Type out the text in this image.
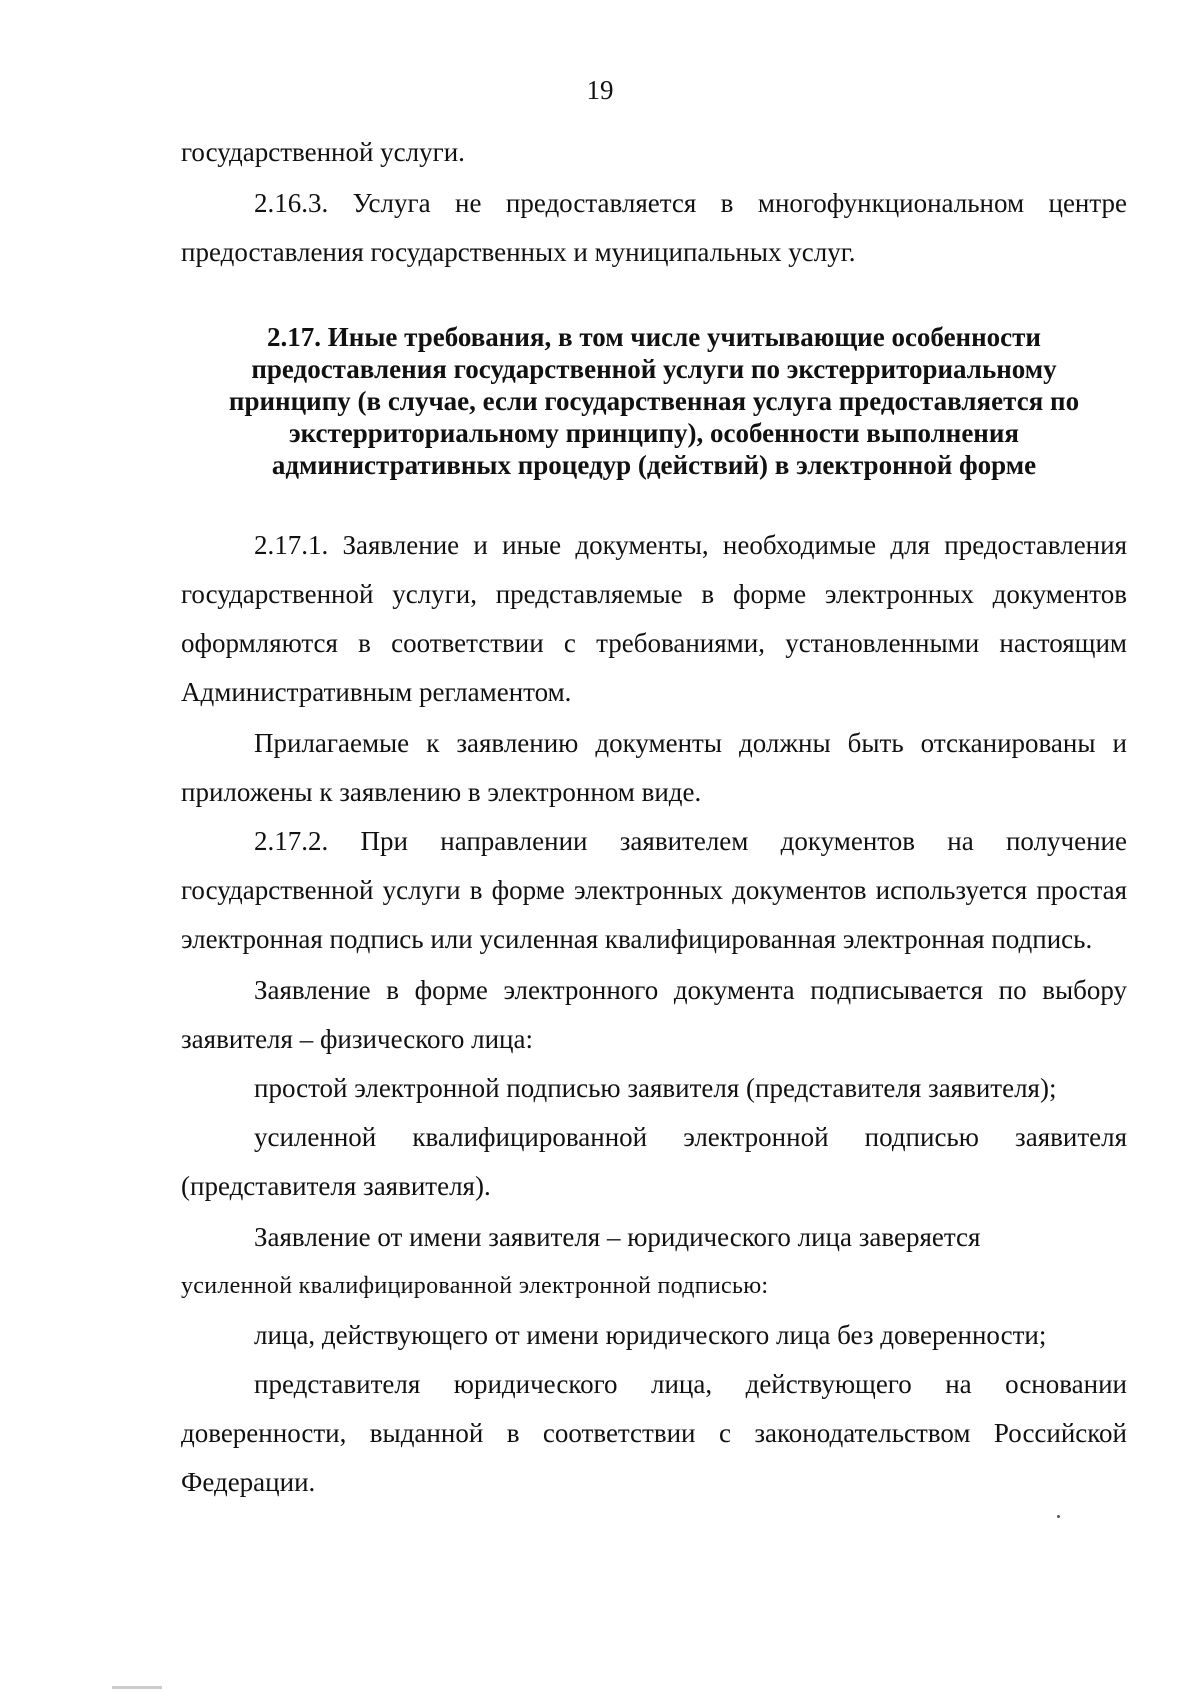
19

государственной услуги.

2.16.3. Услуга не предоставляется в многофункциональном центре предоставления государственных и муниципальных услуг.

2.17. Иные требования, в том числе учитывающие особенности
предоставления государственной услуги по экстерриториальному
принципу (в случае, если государственная услуга предоставляется по
экстерриториальному принципу), особенности выполнения
административных процедур (действий) в электронной форме

2.17.1. Заявление и иные документы, необходимые для предоставления государственной услуги, представляемые в форме электронных документов оформляются в соответствии с требованиями, установленными настоящим Административным регламентом.

Прилагаемые к заявлению документы должны быть отсканированы и приложены к заявлению в электронном виде.

2.17.2. При направлении заявителем документов на получение государственной услуги в форме электронных документов используется простая электронная подпись или усиленная квалифицированная электронная подпись.

Заявление в форме электронного документа подписывается по выбору заявителя – физического лица:

простой электронной подписью заявителя (представителя заявителя);

усиленной квалифицированной электронной подписью заявителя (представителя заявителя).

Заявление от имени заявителя – юридического лица заверяется

усиленной квалифицированной электронной подписью:

лица, действующего от имени юридического лица без доверенности;

представителя юридического лица, действующего на основании доверенности, выданной в соответствии с законодательством Российской Федерации.
